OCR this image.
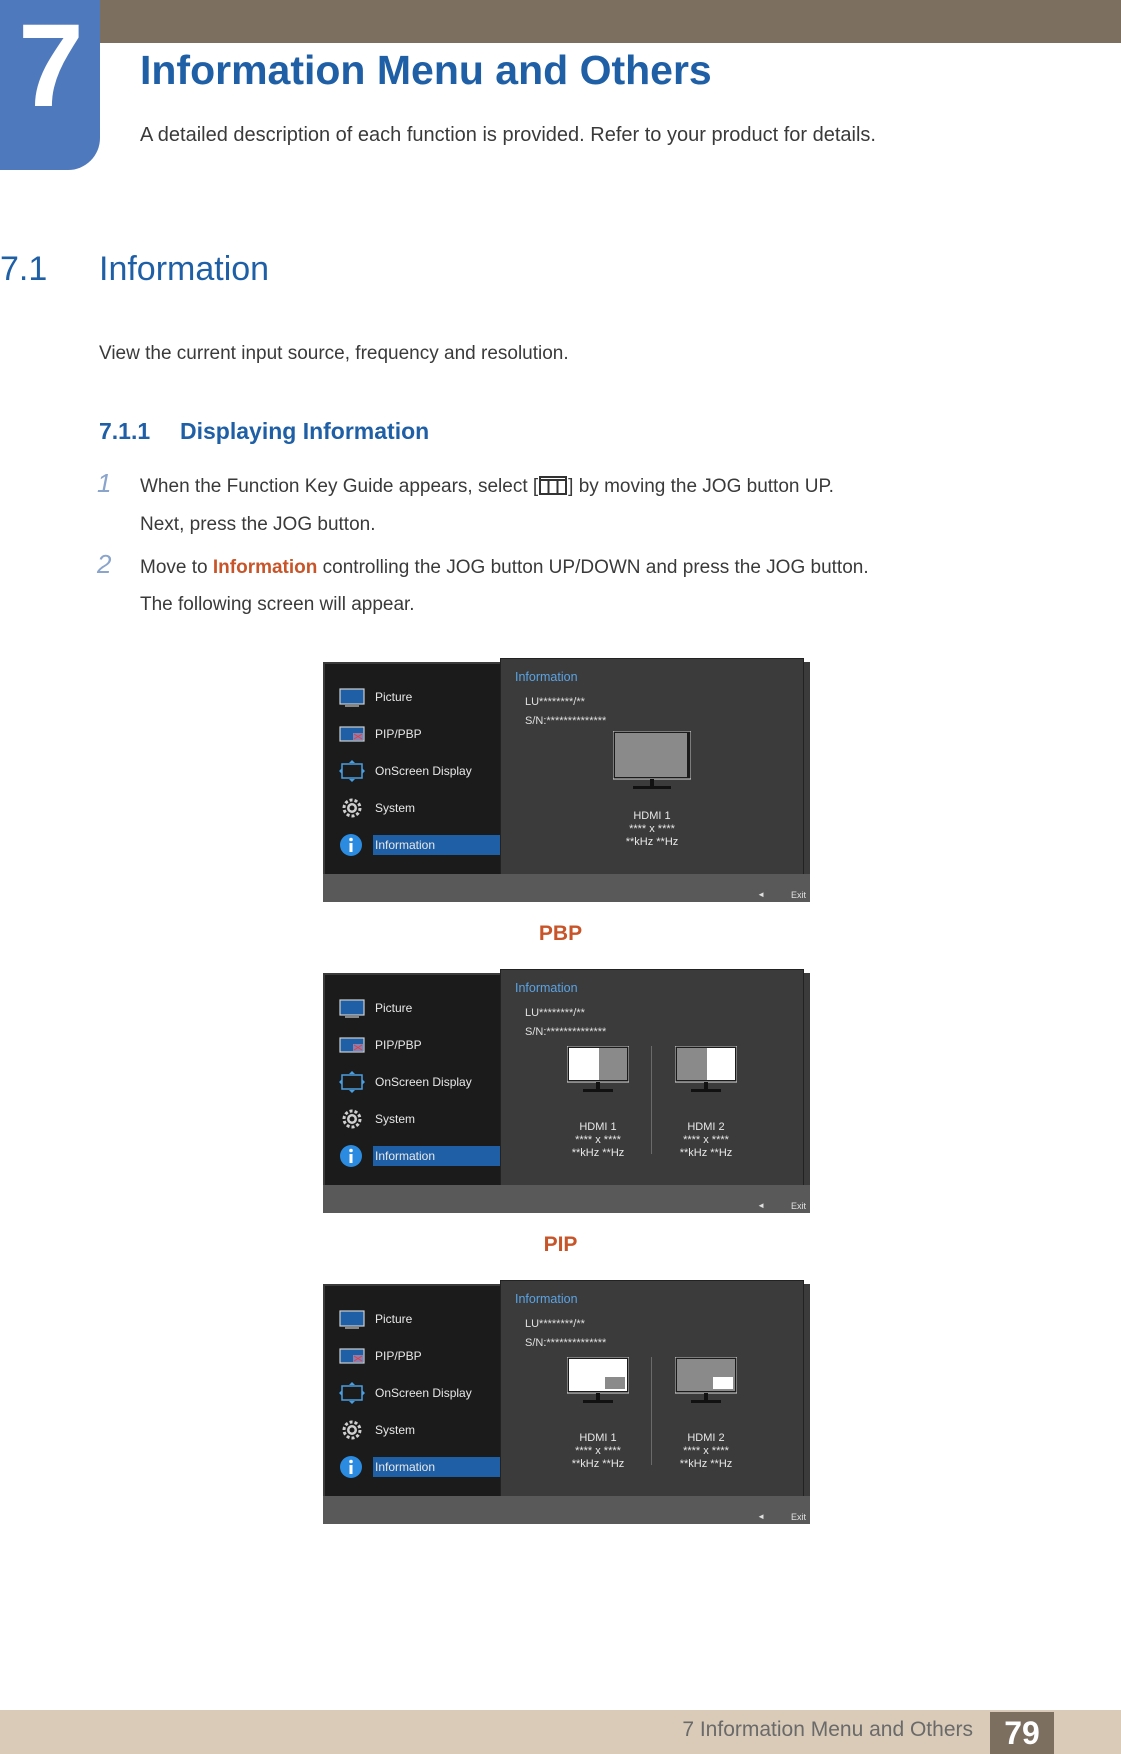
7 Information Menu and Others
A detailed description of each function is provided. Refer to your product for details.
7.1 Information
View the current input source, frequency and resolution.
7.1.1 Displaying Information
1 When the Function Key Guide appears, select [ ] by moving the JOG button UP.
Next, press the JOG button.
2 Move to Information controlling the JOG button UP/DOWN and press the JOG button.
The following screen will appear.
PBP
PIP
Picture
PIP/PBP
OnScreen Display
System
Information
Information
LU********/**
S/N:**************
HDMI 1
**** x ****
**kHz **Hz
◄	Exit
Picture
PIP/PBP
OnScreen Display
System
Information
Information
LU********/**
S/N:**************
HDMI 1
**** x ****
**kHz **Hz
HDMI 2
**** x ****
**kHz **Hz
◄	Exit
Picture
PIP/PBP
OnScreen Display
System
Information
Information
LU********/**
S/N:**************
HDMI 1
**** x ****
**kHz **Hz
HDMI 2
**** x ****
**kHz **Hz
◄	Exit
7 Information Menu and Others 79
